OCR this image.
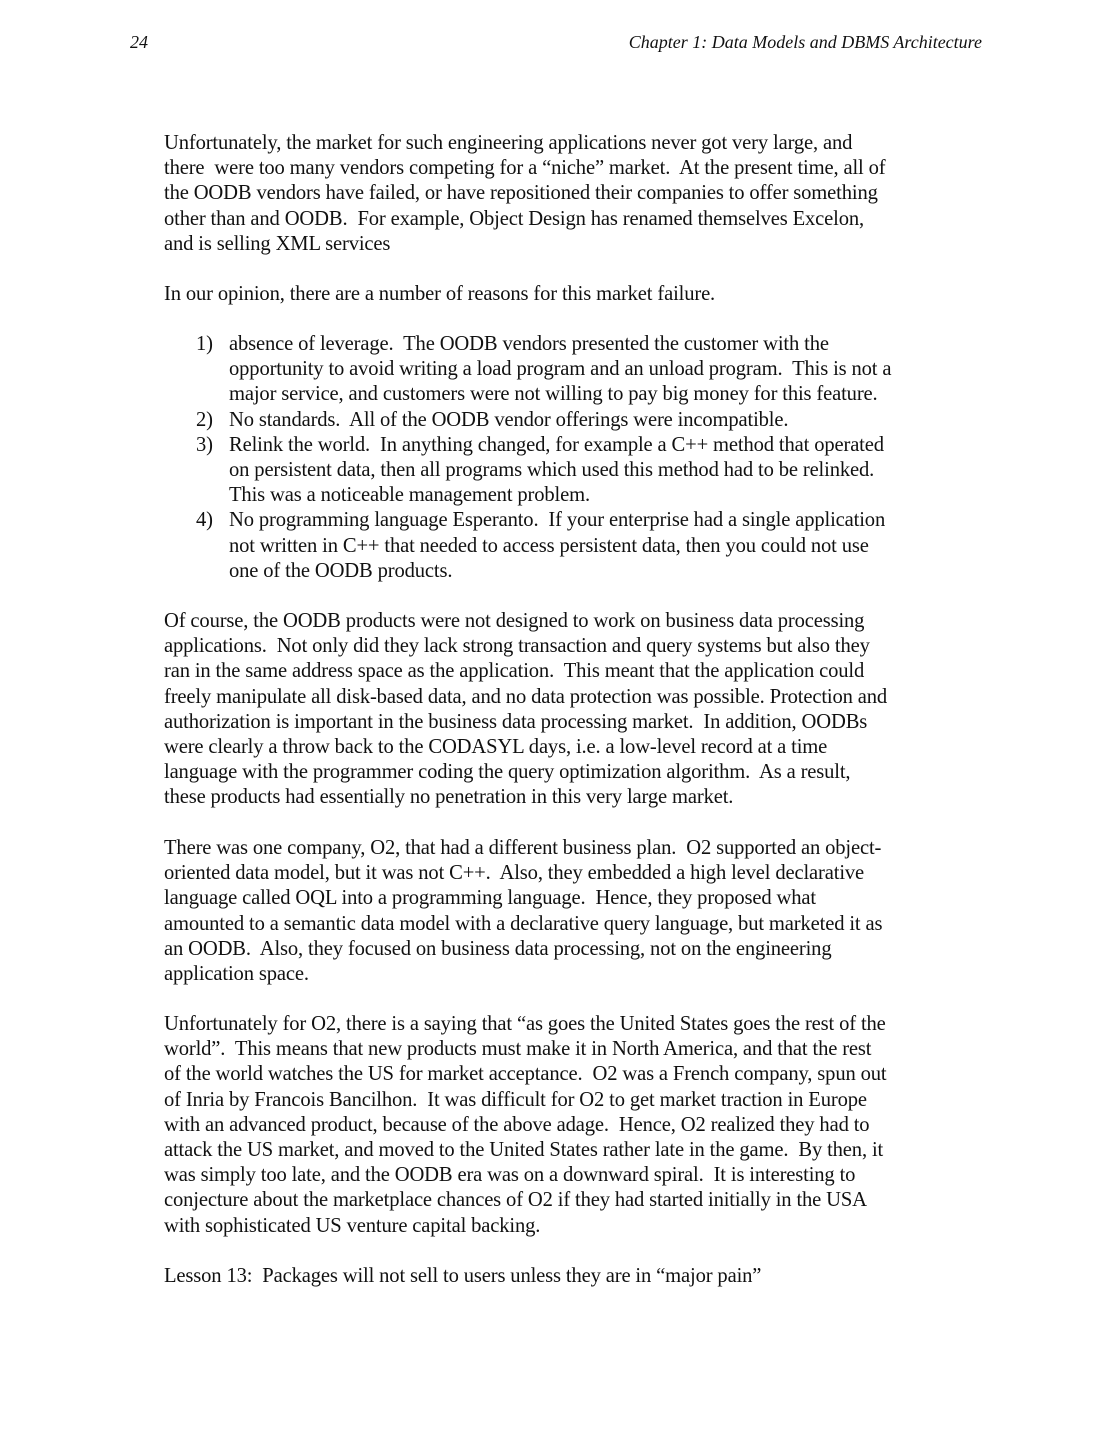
24	Chapter 1: Data Models and DBMS Architecture
Unfortunately, the market for such engineering applications never got very large, and
there  were too many vendors competing for a “niche” market.  At the present time, all of
the OODB vendors have failed, or have repositioned their companies to offer something
other than and OODB.  For example, Object Design has renamed themselves Excelon,
and is selling XML services
In our opinion, there are a number of reasons for this market failure.
1) absence of leverage.  The OODB vendors presented the customer with the
opportunity to avoid writing a load program and an unload program.  This is not a
major service, and customers were not willing to pay big money for this feature.
2) No standards.  All of the OODB vendor offerings were incompatible.
3) Relink the world.  In anything changed, for example a C++ method that operated
on persistent data, then all programs which used this method had to be relinked.
This was a noticeable management problem.
4) No programming language Esperanto.  If your enterprise had a single application
not written in C++ that needed to access persistent data, then you could not use
one of the OODB products.
Of course, the OODB products were not designed to work on business data processing
applications.  Not only did they lack strong transaction and query systems but also they
ran in the same address space as the application.  This meant that the application could
freely manipulate all disk-based data, and no data protection was possible. Protection and
authorization is important in the business data processing market.  In addition, OODBs
were clearly a throw back to the CODASYL days, i.e. a low-level record at a time
language with the programmer coding the query optimization algorithm.  As a result,
these products had essentially no penetration in this very large market.
There was one company, O2, that had a different business plan.  O2 supported an object-
oriented data model, but it was not C++.  Also, they embedded a high level declarative
language called OQL into a programming language.  Hence, they proposed what
amounted to a semantic data model with a declarative query language, but marketed it as
an OODB.  Also, they focused on business data processing, not on the engineering
application space.
Unfortunately for O2, there is a saying that “as goes the United States goes the rest of the
world”.  This means that new products must make it in North America, and that the rest
of the world watches the US for market acceptance.  O2 was a French company, spun out
of Inria by Francois Bancilhon.  It was difficult for O2 to get market traction in Europe
with an advanced product, because of the above adage.  Hence, O2 realized they had to
attack the US market, and moved to the United States rather late in the game.  By then, it
was simply too late, and the OODB era was on a downward spiral.  It is interesting to
conjecture about the marketplace chances of O2 if they had started initially in the USA
with sophisticated US venture capital backing.
Lesson 13:  Packages will not sell to users unless they are in “major pain”
